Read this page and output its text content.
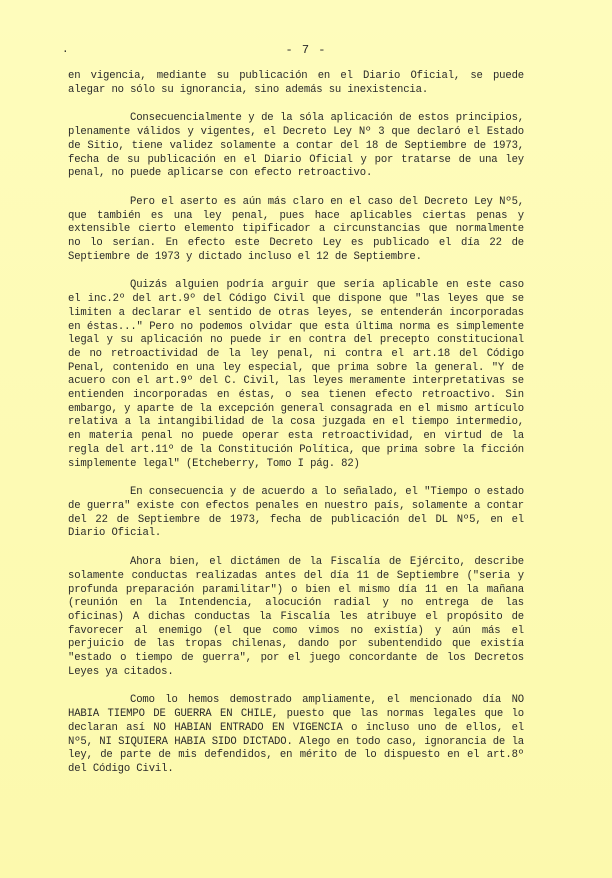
.	- 7 -

en vigencia, mediante su publicación en el Diario Oficial, se puede alegar no sólo su ignorancia, sino además su inexistencia.

Consecuencialmente y de la sóla aplicación de estos principios, plenamente válidos y vigentes, el Decreto Ley Nº 3 que declaró el Estado de Sitio, tiene validez solamente a contar del 18 de Septiembre de 1973, fecha de su publicación en el Diario Oficial y por tratarse de una ley penal, no puede aplicarse con efecto retroactivo.

Pero el aserto es aún más claro en el caso del Decreto Ley Nº5, que también es una ley penal, pues hace aplicables ciertas penas y extensible cierto elemento tipificador a circunstancias que normalmente no lo serían. En efecto este Decreto Ley es publicado el día 22 de Septiembre de 1973 y dictado incluso el 12 de Septiembre.

Quizás alguien podría arguir que sería aplicable en este caso el inc.2º del art.9º del Código Civil que dispone que "las leyes que se limiten a declarar el sentido de otras leyes, se entenderán incorporadas en éstas..." Pero no podemos olvidar que esta última norma es simplemente legal y su aplicación no puede ir en contra del precepto constitucional de no retroactividad de la ley penal, ni contra el art.18 del Código Penal, contenido en una ley especial, que prima sobre la general. "Y de acuero con el art.9º del C. Civil, las leyes meramente interpretativas se entienden incorporadas en éstas, o sea tienen efecto retroactivo. Sin embargo, y aparte de la excepción general consagrada en el mismo artículo relativa a la intangibilidad de la cosa juzgada en el tiempo intermedio, en materia penal no puede operar esta retroactividad, en virtud de la regla del art.11º de la Constitución Política, que prima sobre la ficción simplemente legal" (Etcheberry, Tomo I pág. 82)

En consecuencia y de acuerdo a lo señalado, el "Tiempo o estado de guerra" existe con efectos penales en nuestro país, solamente a contar del 22 de Septiembre de 1973, fecha de publicación del DL Nº5, en el Diario Oficial.

Ahora bien, el dictámen de la Fiscalía de Ejército, describe solamente conductas realizadas antes del día 11 de Septiembre ("seria y profunda preparación paramilitar") o bien el mismo día 11 en la mañana (reunión en la Intendencia, alocución radial y no entrega de las oficinas) A dichas conductas la Fiscalía les atribuye el propósito de favorecer al enemigo (el que como vimos no existía) y aún más el perjuicio de las tropas chilenas, dando por subentendido que existía "estado o tiempo de guerra", por el juego concordante de los Decretos Leyes ya citados.

Como lo hemos demostrado ampliamente, el mencionado día NO HABIA TIEMPO DE GUERRA EN CHILE, puesto que las normas legales que lo declaran así NO HABIAN ENTRADO EN VIGENCIA o incluso uno de ellos, el Nº5, NI SIQUIERA HABIA SIDO DICTADO. Alego en todo caso, ignorancia de la ley, de parte de mis defendidos, en mérito de lo dispuesto en el art.8º del Código Civil.
